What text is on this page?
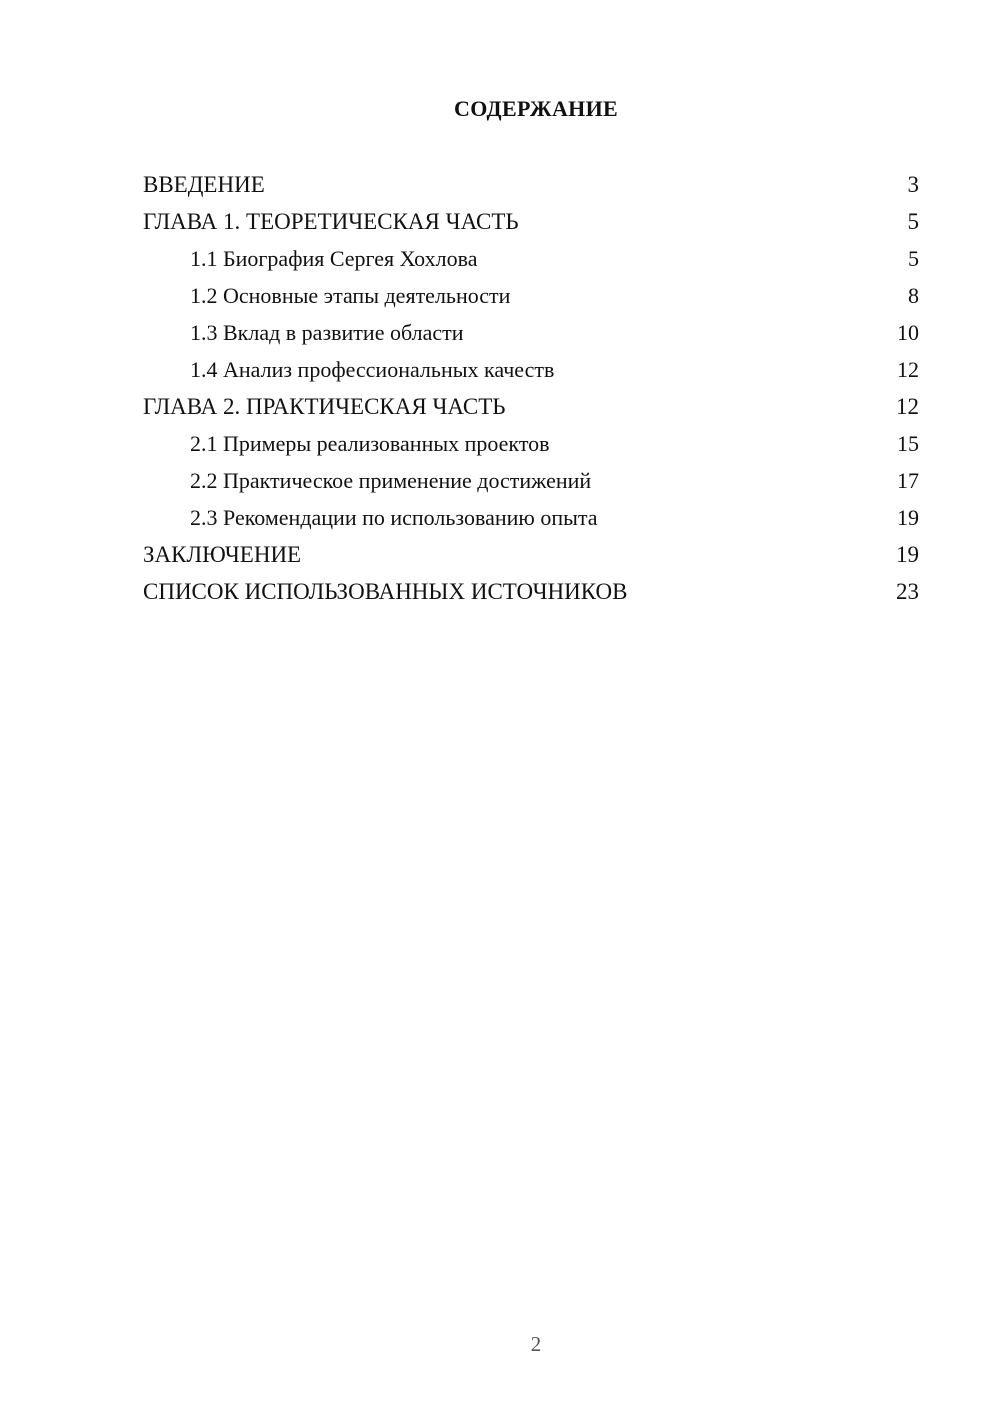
СОДЕРЖАНИЕ
ВВЕДЕНИЕ	3
ГЛАВА 1. ТЕОРЕТИЧЕСКАЯ ЧАСТЬ	5
1.1 Биография Сергея Хохлова	5
1.2 Основные этапы деятельности	8
1.3 Вклад в развитие области	10
1.4 Анализ профессиональных качеств	12
ГЛАВА 2. ПРАКТИЧЕСКАЯ ЧАСТЬ	12
2.1 Примеры реализованных проектов	15
2.2 Практическое применение достижений	17
2.3 Рекомендации по использованию опыта	19
ЗАКЛЮЧЕНИЕ	19
СПИСОК ИСПОЛЬЗОВАННЫХ ИСТОЧНИКОВ	23
2
